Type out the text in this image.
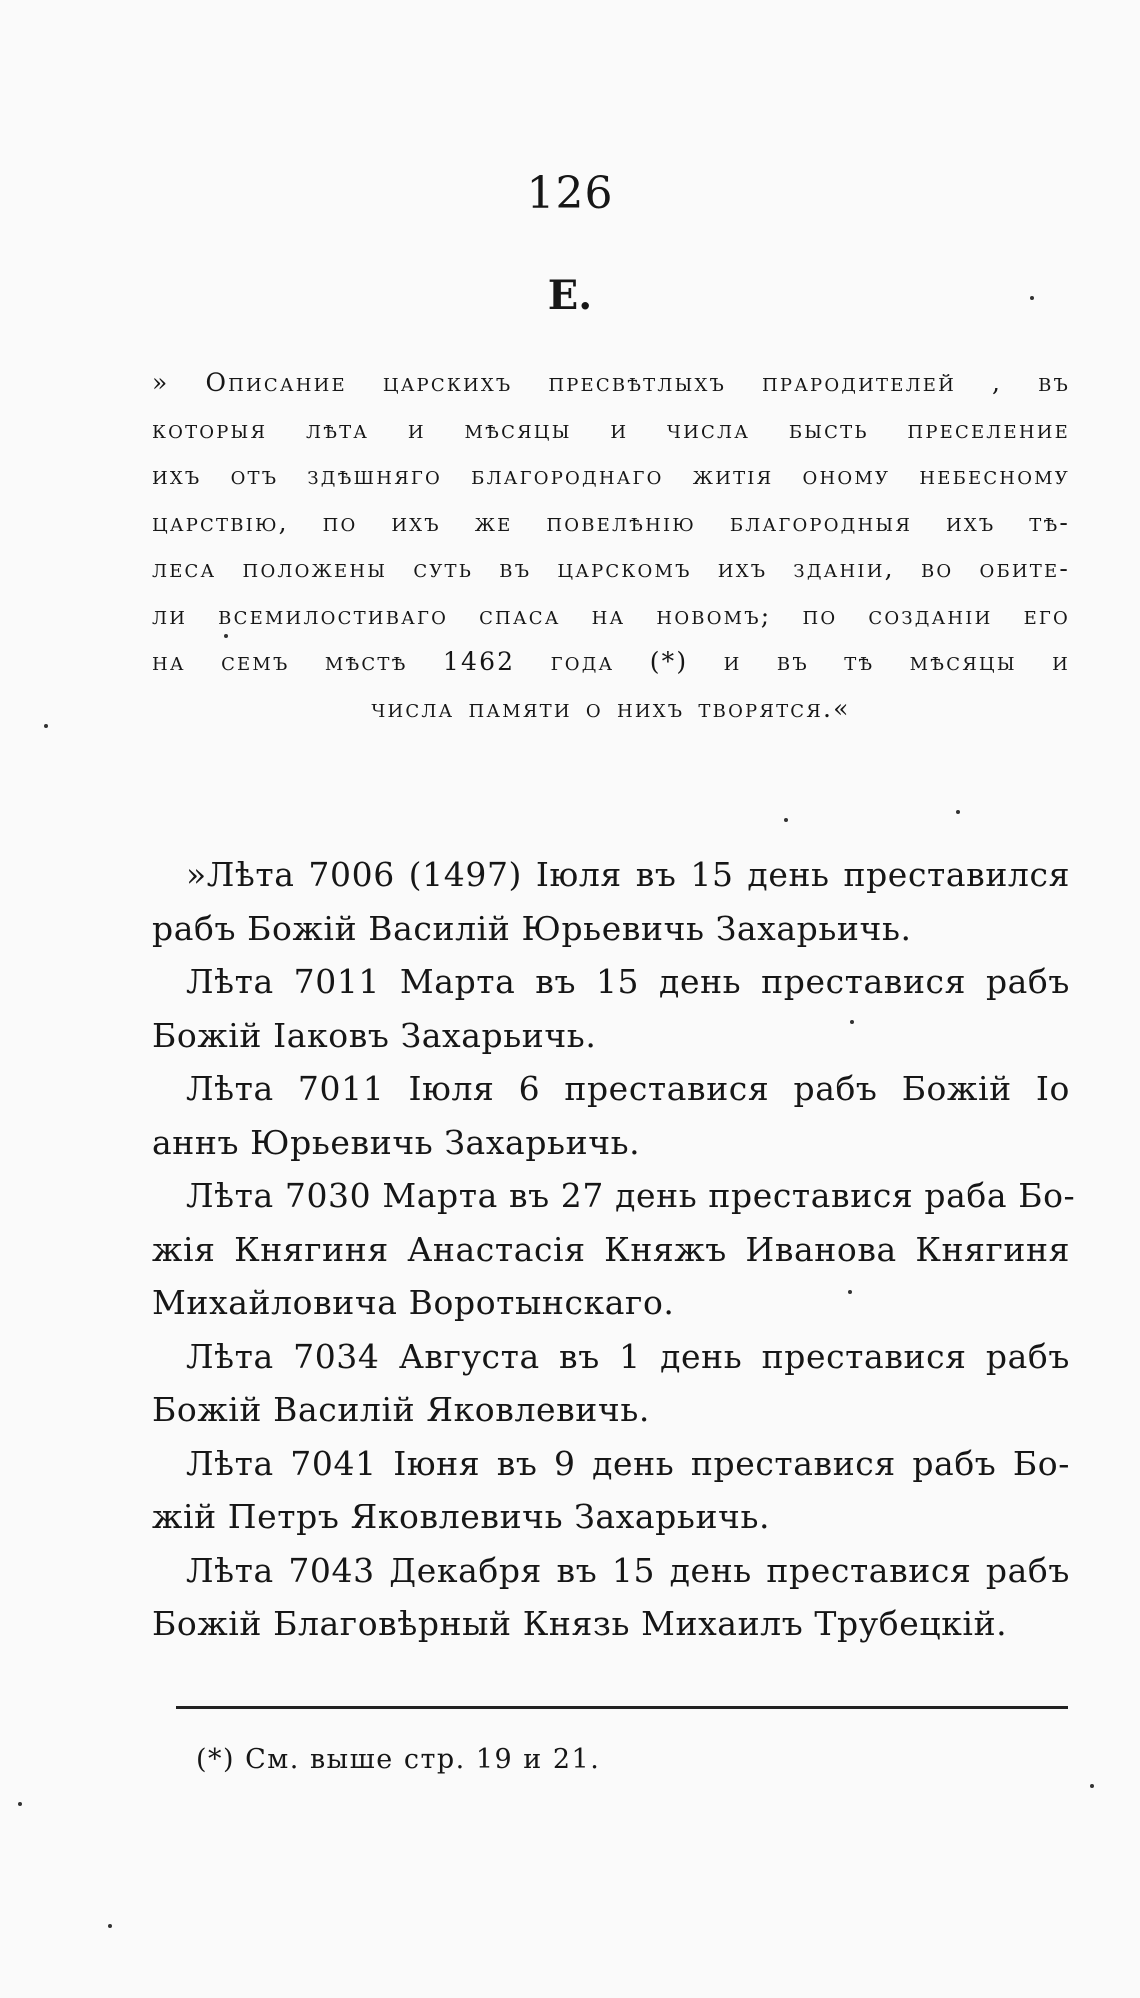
126
Е.
» Описание царскихъ пресвѣтлыхъ прародителей , въ
которыя лѣта и мѣсяцы и числа бысть преселение
ихъ отъ здѣшняго благороднаго житiя оному небесному
царствiю, по ихъ же повелѣнiю благородныя ихъ тѣ-
леса положены суть въ царскомъ ихъ зданiи, во обите-
ли всемилостиваго спаса на новомъ; по созданiи его
на семъ мѣстѣ 1462 года (*) и въ тѣ мѣсяцы и
числа памяти о нихъ творятся.«

»Лѣта 7006 (1497) Iюля въ 15 день преставился
рабъ Божiй Василiй Юрьевичь Захарьичь.

Лѣта 7011 Марта въ 15 день преставися рабъ
Божiй Iаковъ Захарьичь.

Лѣта 7011 Iюля 6 преставися рабъ Божiй Iо
аннъ Юрьевичь Захарьичь.

Лѣта 7030 Марта въ 27 день преставися раба Бо-
жiя Княгиня Анастасiя Княжъ Иванова Княгиня
Михайловича Воротынскаго.

Лѣта 7034 Августа въ 1 день преставися рабъ
Божiй Василiй Яковлевичь.

Лѣта 7041 Iюня въ 9 день преставися рабъ Бо-
жiй Петръ Яковлевичь Захарьичь.

Лѣта 7043 Декабря въ 15 день преставися рабъ
Божiй Благовѣрный Князь Михаилъ Трубецкiй.

(*) См. выше стр. 19 и 21.
